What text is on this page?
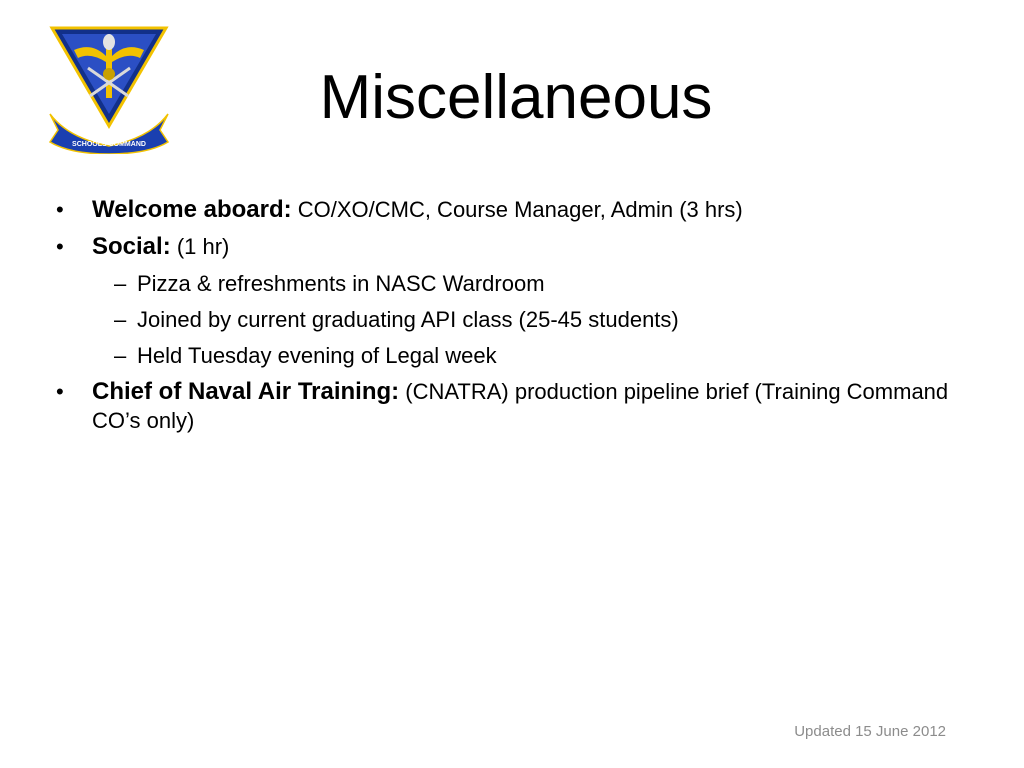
NAVAL AVIATION
SCHOOLS COMMAND
Miscellaneous
• Welcome aboard: CO/XO/CMC, Course Manager, Admin (3 hrs)
• Social: (1 hr)
– Pizza & refreshments in NASC Wardroom
– Joined by current graduating API class (25-45 students)
– Held Tuesday evening of Legal week
• Chief of Naval Air Training: (CNATRA) production pipeline brief (Training Command CO’s only)
Updated 15 June 2012
